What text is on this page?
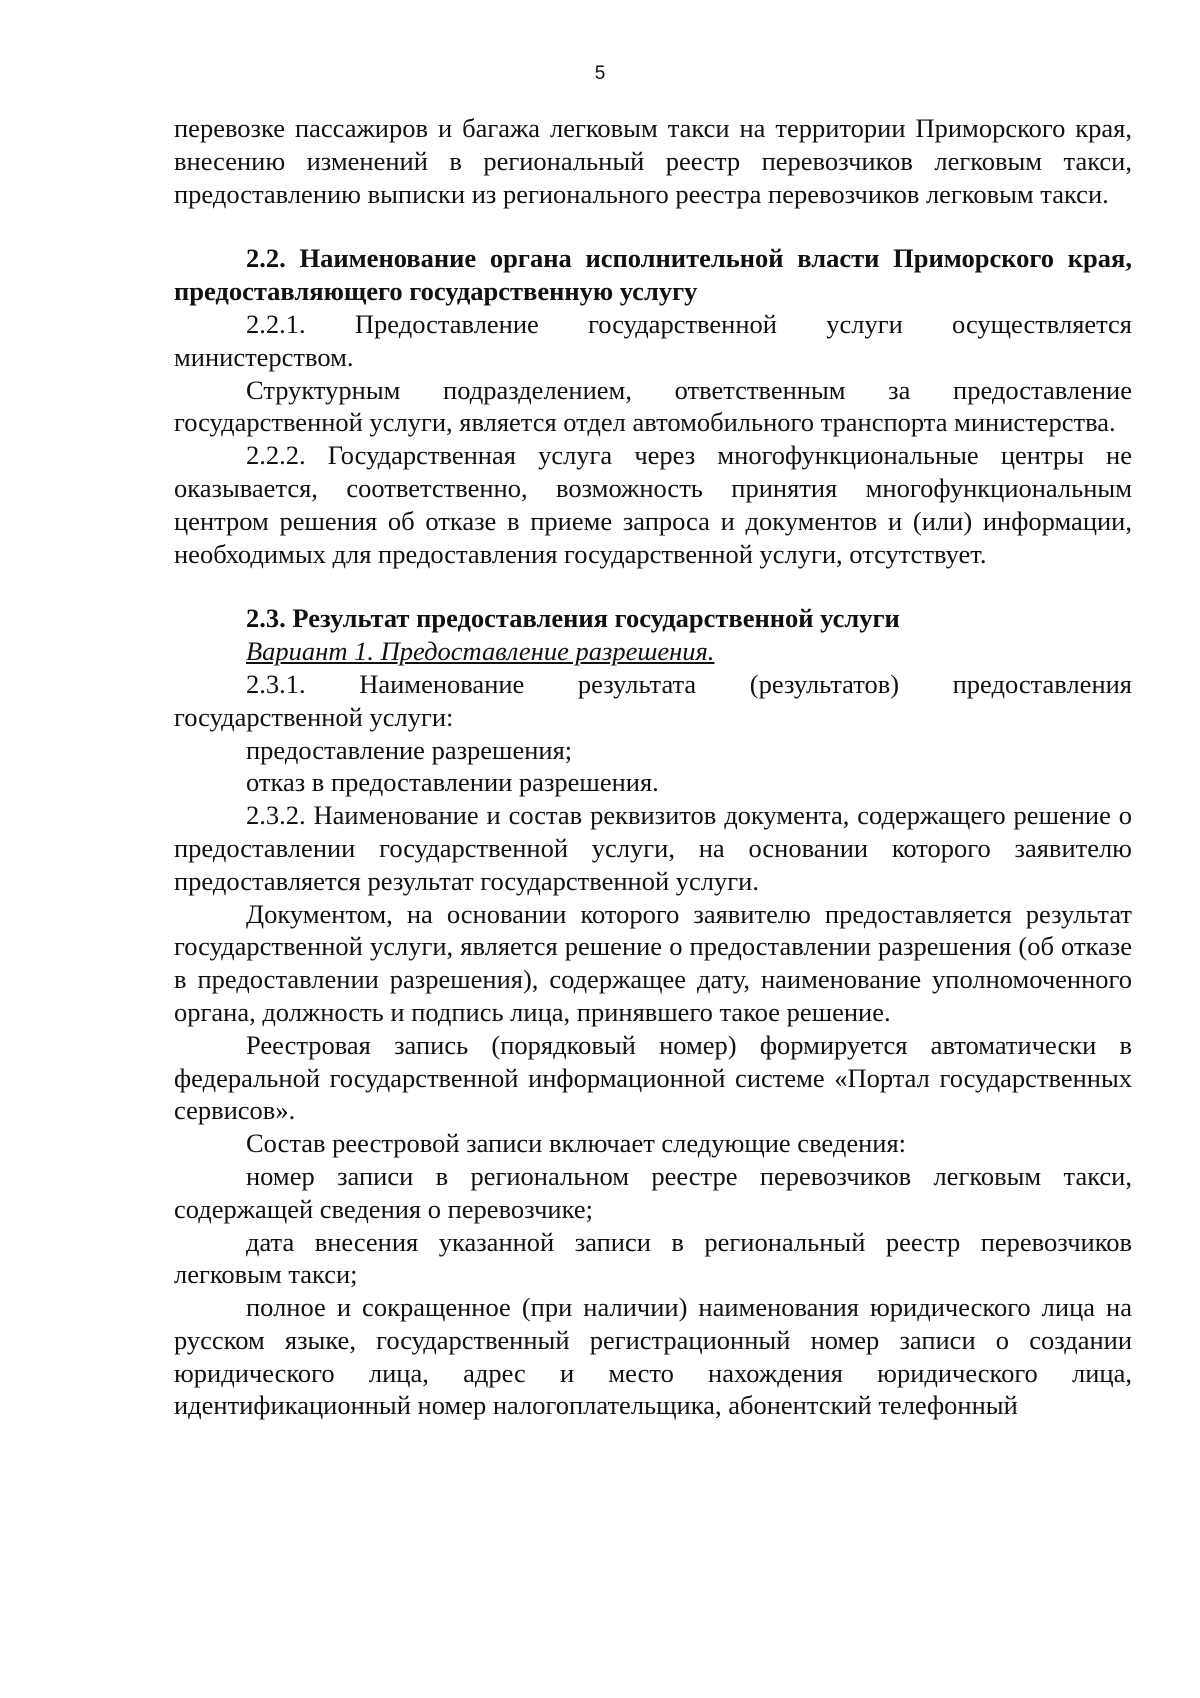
5

перевозке пассажиров и багажа легковым такси на территории Приморского края, внесению изменений в региональный реестр перевозчиков легковым такси, предоставлению выписки из регионального реестра перевозчиков легковым такси.

2.2. Наименование органа исполнительной власти Приморского края, предоставляющего государственную услугу

2.2.1. Предоставление государственной услуги осуществляется министерством.

Структурным подразделением, ответственным за предоставление государственной услуги, является отдел автомобильного транспорта министерства.

2.2.2. Государственная услуга через многофункциональные центры не оказывается, соответственно, возможность принятия многофункциональным центром решения об отказе в приеме запроса и документов и (или) информации, необходимых для предоставления государственной услуги, отсутствует.

2.3. Результат предоставления государственной услуги

Вариант 1. Предоставление разрешения.

2.3.1. Наименование результата (результатов) предоставления государственной услуги:

предоставление разрешения;

отказ в предоставлении разрешения.

2.3.2. Наименование и состав реквизитов документа, содержащего решение о предоставлении государственной услуги, на основании которого заявителю предоставляется результат государственной услуги.

Документом, на основании которого заявителю предоставляется результат государственной услуги, является решение о предоставлении разрешения (об отказе в предоставлении разрешения), содержащее дату, наименование уполномоченного органа, должность и подпись лица, принявшего такое решение.

Реестровая запись (порядковый номер) формируется автоматически в федеральной государственной информационной системе «Портал государственных сервисов».

Состав реестровой записи включает следующие сведения:

номер записи в региональном реестре перевозчиков легковым такси, содержащей сведения о перевозчике;

дата внесения указанной записи в региональный реестр перевозчиков легковым такси;

полное и сокращенное (при наличии) наименования юридического лица на русском языке, государственный регистрационный номер записи о создании юридического лица, адрес и место нахождения юридического лица, идентификационный номер налогоплательщика, абонентский телефонный
